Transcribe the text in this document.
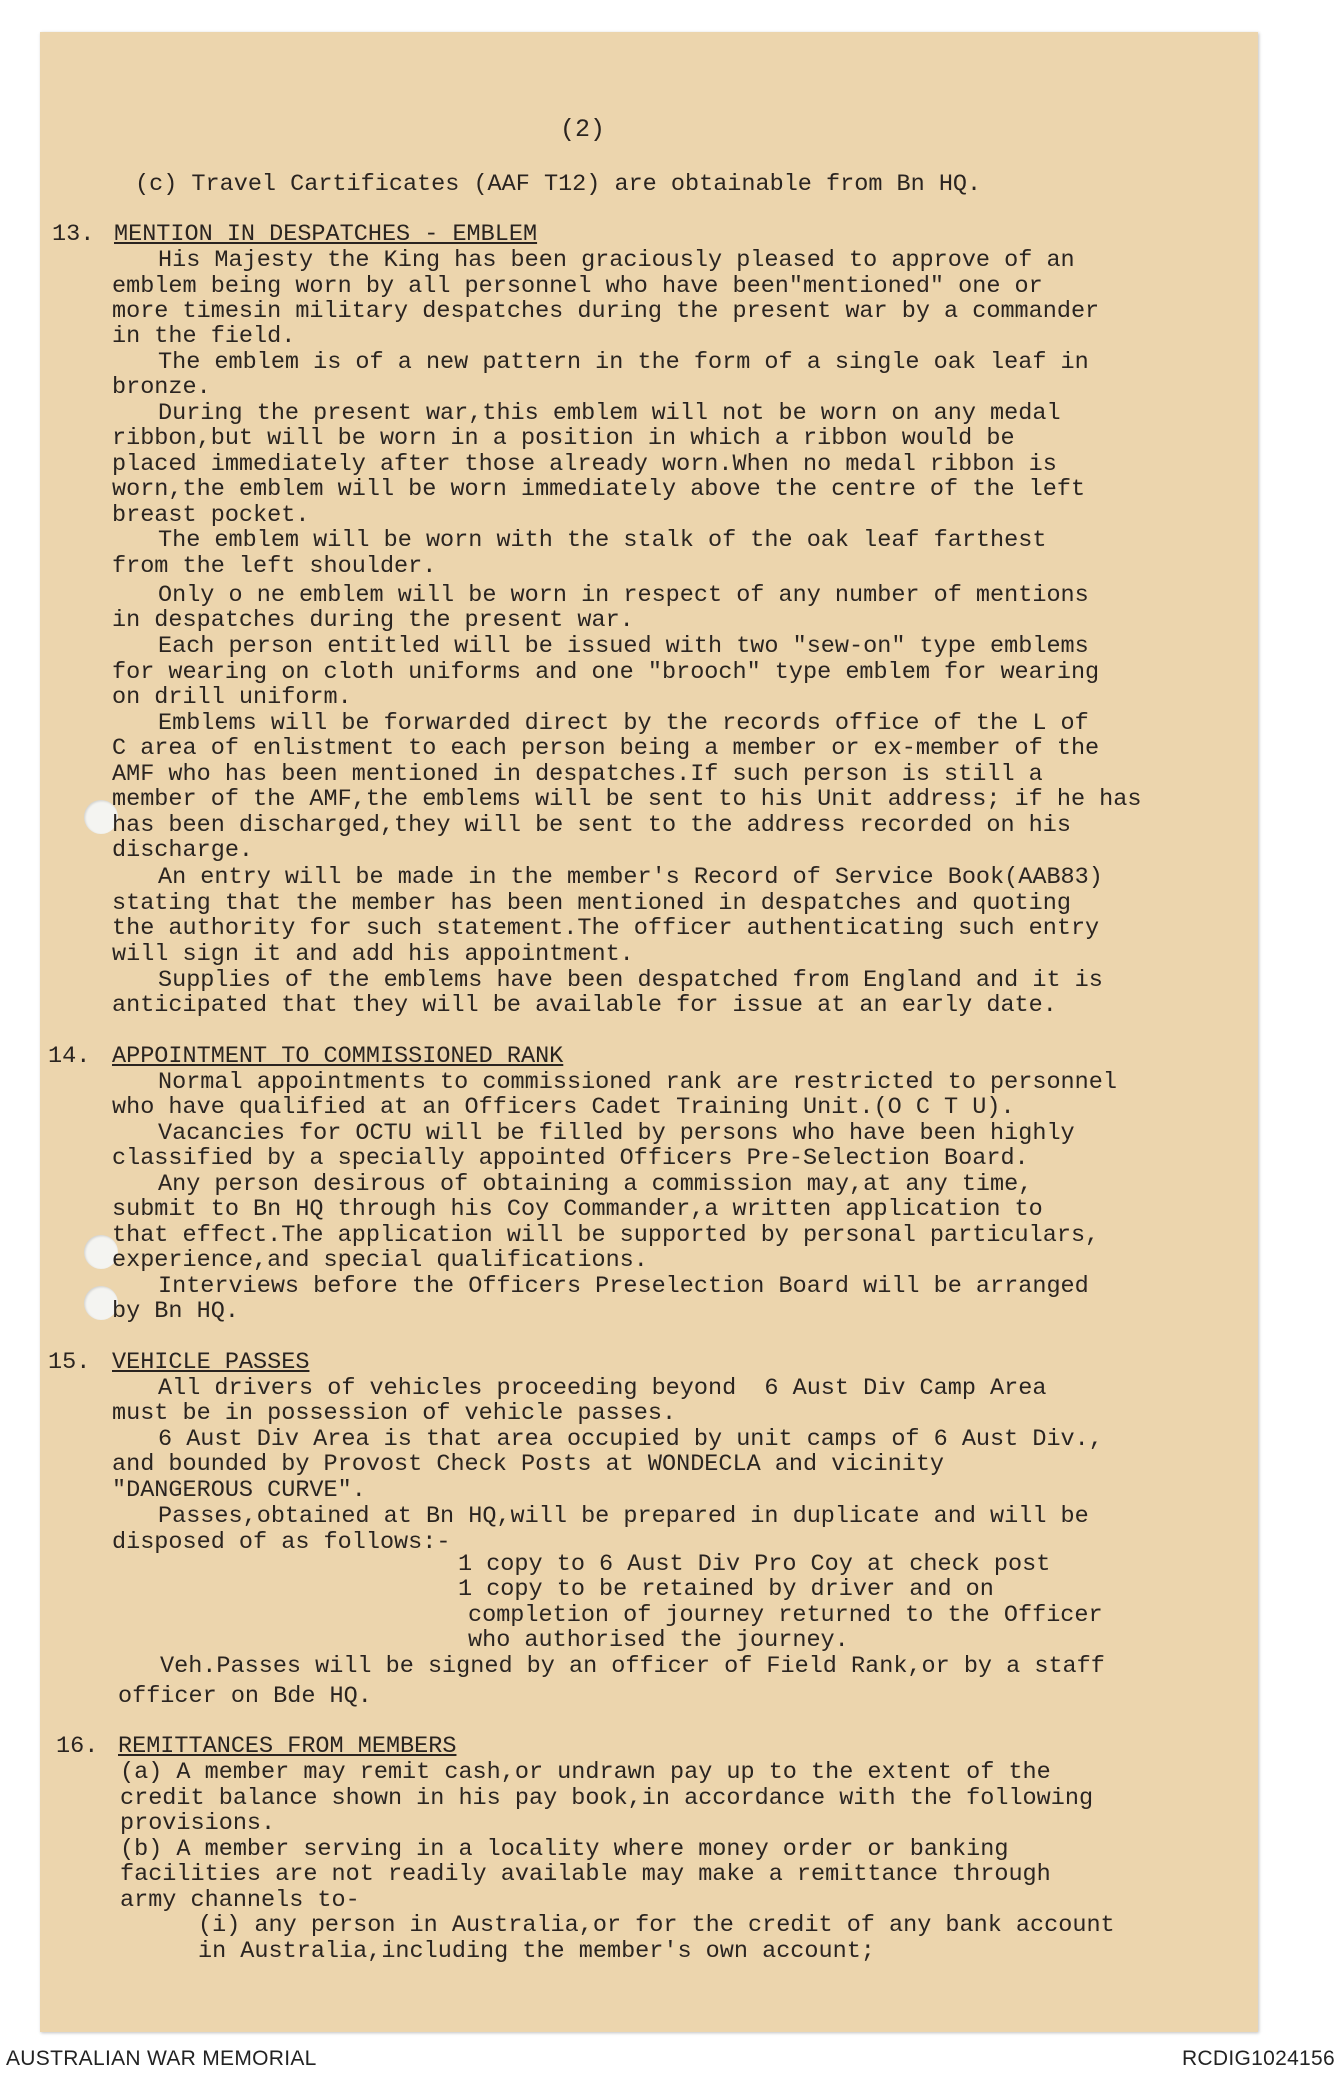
(2)

(c) Travel Cartificates (AAF T12) are obtainable from Bn HQ.

13.

MENTION IN DESPATCHES - EMBLEM

His Majesty the King has been graciously pleased to approve of an

emblem being worn by all personnel who have been"mentioned" one or

more timesin military despatches during the present war by a commander

in the field.

The emblem is of a new pattern in the form of a single oak leaf in

bronze.

During the present war,this emblem will not be worn on any medal

ribbon,but will be worn in a position in which a ribbon would be

placed immediately after those already worn.When no medal ribbon is

worn,the emblem will be worn immediately above the centre of the left

breast pocket.

The emblem will be worn with the stalk of the oak leaf farthest

from the left shoulder.

Only o ne emblem will be worn in respect of any number of mentions

in despatches during the present war.

Each person entitled will be issued with two "sew-on" type emblems

for wearing on cloth uniforms and one "brooch" type emblem for wearing

on drill uniform.

Emblems will be forwarded direct by the records office of the L of

C area of enlistment to each person being a member or ex-member of the

AMF who has been mentioned in despatches.If such person is still a

member of the AMF,the emblems will be sent to his Unit address; if he has

has been discharged,they will be sent to the address recorded on his

discharge.

An entry will be made in the member's Record of Service Book(AAB83)

stating that the member has been mentioned in despatches and quoting

the authority for such statement.The officer authenticating such entry

will sign it and add his appointment.

Supplies of the emblems have been despatched from England and it is

anticipated that they will be available for issue at an early date.

14.

APPOINTMENT TO COMMISSIONED RANK

Normal appointments to commissioned rank are restricted to personnel

who have qualified at an Officers Cadet Training Unit.(O C T U).

Vacancies for OCTU will be filled by persons who have been highly

classified by a specially appointed Officers Pre-Selection Board.

Any person desirous of obtaining a commission may,at any time,

submit to Bn HQ through his Coy Commander,a written application to

that effect.The application will be supported by personal particulars,

experience,and special qualifications.

Interviews before the Officers Preselection Board will be arranged

by Bn HQ.

15.

VEHICLE PASSES

All drivers of vehicles proceeding beyond  6 Aust Div Camp Area

must be in possession of vehicle passes.

6 Aust Div Area is that area occupied by unit camps of 6 Aust Div.,

and bounded by Provost Check Posts at WONDECLA and vicinity

"DANGEROUS CURVE".

Passes,obtained at Bn HQ,will be prepared in duplicate and will be

disposed of as follows:-

1 copy to 6 Aust Div Pro Coy at check post

1 copy to be retained by driver and on

completion of journey returned to the Officer

who authorised the journey.

Veh.Passes will be signed by an officer of Field Rank,or by a staff

officer on Bde HQ.

16.

REMITTANCES FROM MEMBERS

(a) A member may remit cash,or undrawn pay up to the extent of the

credit balance shown in his pay book,in accordance with the following

provisions.

(b) A member serving in a locality where money order or banking

facilities are not readily available may make a remittance through

army channels to-

(i) any person in Australia,or for the credit of any bank account

in Australia,including the member's own account;

AUSTRALIAN WAR MEMORIAL	RCDIG1024156
